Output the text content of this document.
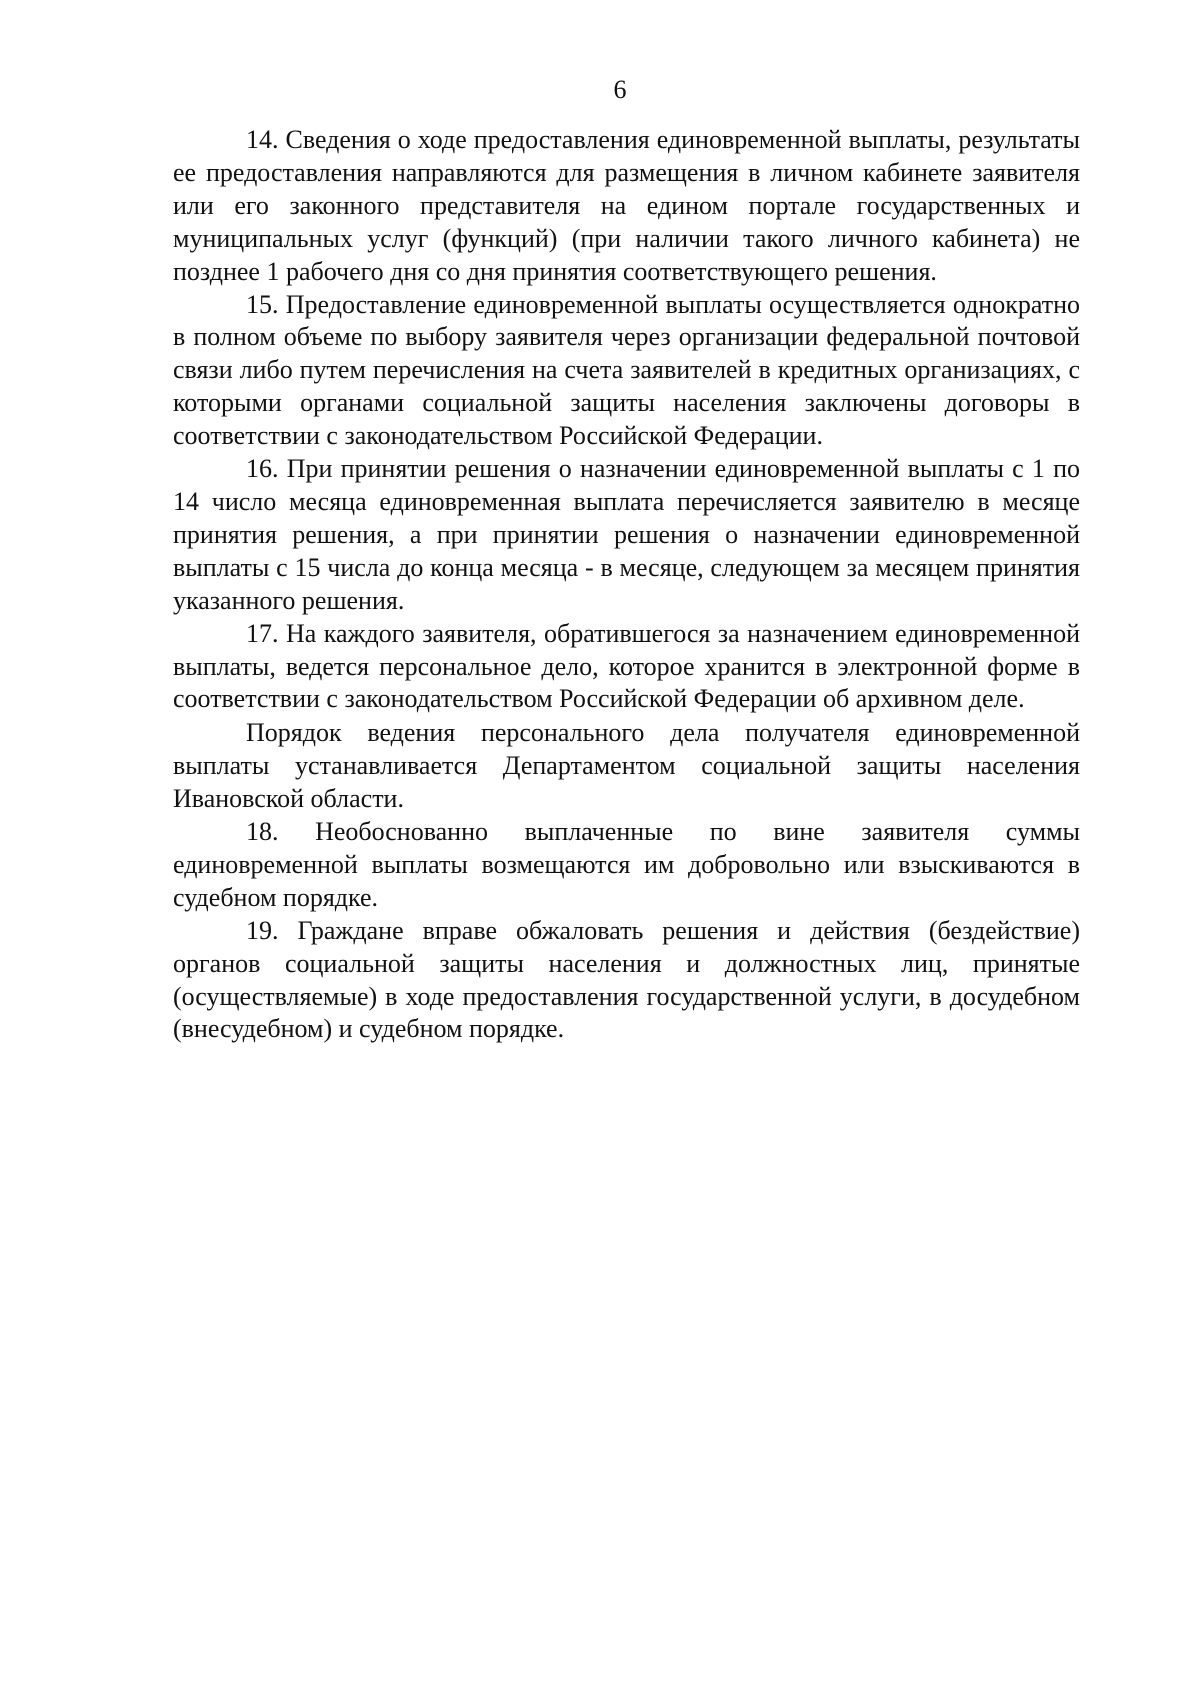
6

14. Сведения о ходе предоставления единовременной выплаты, результаты ее предоставления направляются для размещения в личном кабинете заявителя или его законного представителя на едином портале государственных и муниципальных услуг (функций) (при наличии такого личного кабинета) не позднее 1 рабочего дня со дня принятия соответствующего решения.

15. Предоставление единовременной выплаты осуществляется однократно в полном объеме по выбору заявителя через организации федеральной почтовой связи либо путем перечисления на счета заявителей в кредитных организациях, с которыми органами социальной защиты населения заключены договоры в соответствии с законодательством Российской Федерации.

16. При принятии решения о назначении единовременной выплаты с 1 по 14 число месяца единовременная выплата перечисляется заявителю в месяце принятия решения, а при принятии решения о назначении единовременной выплаты с 15 числа до конца месяца - в месяце, следующем за месяцем принятия указанного решения.

17. На каждого заявителя, обратившегося за назначением единовременной выплаты, ведется персональное дело, которое хранится в электронной форме в соответствии с законодательством Российской Федерации об архивном деле.

Порядок ведения персонального дела получателя единовременной выплаты устанавливается Департаментом социальной защиты населения Ивановской области.

18. Необоснованно выплаченные по вине заявителя суммы единовременной выплаты возмещаются им добровольно или взыскиваются в судебном порядке.

19. Граждане вправе обжаловать решения и действия (бездействие) органов социальной защиты населения и должностных лиц, принятые (осуществляемые) в ходе предоставления государственной услуги, в досудебном (внесудебном) и судебном порядке.
